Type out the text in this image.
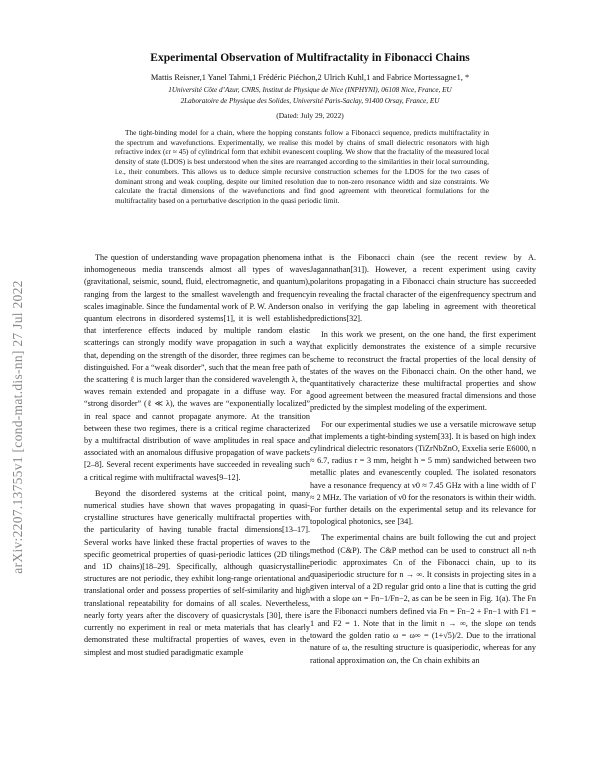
arXiv:2207.13755v1 [cond-mat.dis-nn] 27 Jul 2022
Experimental Observation of Multifractality in Fibonacci Chains
Mattis Reisner,1 Yanel Tahmi,1 Frédéric Piéchon,2 Ulrich Kuhl,1 and Fabrice Mortessagne1, *
1Université Côte d’Azur, CNRS, Institut de Physique de Nice (INPHYNI), 06108 Nice, France, EU
2Laboratoire de Physique des Solides, Université Paris-Saclay, 91400 Orsay, France, EU
(Dated: July 29, 2022)

The tight-binding model for a chain, where the hopping constants follow a Fibonacci sequence, predicts multifractality in the spectrum and wavefunctions. Experimentally, we realise this model by chains of small dielectric resonators with high refractive index (εr ≈ 45) of cylindrical form that exhibit evanescent coupling. We show that the fractality of the measured local density of state (LDOS) is best understood when the sites are rearranged according to the similarities in their local surrounding, i.e., their conumbers. This allows us to deduce simple recursive construction schemes for the LDOS for the two cases of dominant strong and weak coupling, despite our limited resolution due to non-zero resonance width and size constraints. We calculate the fractal dimensions of the wavefunctions and find good agreement with theoretical formulations for the multifractality based on a perturbative description in the quasi periodic limit.

The question of understanding wave propagation phenomena in inhomogeneous media transcends almost all types of waves (gravitational, seismic, sound, fluid, electromagnetic, and quantum), ranging from the largest to the smallest wavelength and frequency scales imaginable. Since the fundamental work of P. W. Anderson on quantum electrons in disordered systems[1], it is well established that interference effects induced by multiple random elastic scatterings can strongly modify wave propagation in such a way that, depending on the strength of the disorder, three regimes can be distinguished. For a “weak disorder”, such that the mean free path of the scattering ℓ is much larger than the considered wavelength λ, the waves remain extended and propagate in a diffuse way. For a “strong disorder” (ℓ ≪ λ), the waves are “exponentially localized” in real space and cannot propagate anymore. At the transition between these two regimes, there is a critical regime characterized by a multifractal distribution of wave amplitudes in real space and associated with an anomalous diffusive propagation of wave packets [2–8]. Several recent experiments have succeeded in revealing such a critical regime with multifractal waves[9–12].

Beyond the disordered systems at the critical point, many numerical studies have shown that waves propagating in quasi-crystalline structures have generically multifractal properties with the particularity of having tunable fractal dimensions[13–17]. Several works have linked these fractal properties of waves to the specific geometrical properties of quasi-periodic lattices (2D tilings and 1D chains)[18–29]. Specifically, although quasicrystalline structures are not periodic, they exhibit long-range orientational and translational order and possess properties of self-similarity and high translational repeatability for domains of all scales. Nevertheless, nearly forty years after the discovery of quasicrystals [30], there is currently no experiment in real or meta materials that has clearly demonstrated these multifractal properties of waves, even in the simplest and most studied paradigmatic example

that is the Fibonacci chain (see the recent review by A. Jagannathan[31]). However, a recent experiment using cavity polaritons propagating in a Fibonacci chain structure has succeeded in revealing the fractal character of the eigenfrequency spectrum and also in verifying the gap labeling in agreement with theoretical predictions[32].

In this work we present, on the one hand, the first experiment that explicitly demonstrates the existence of a simple recursive scheme to reconstruct the fractal properties of the local density of states of the waves on the Fibonacci chain. On the other hand, we quantitatively characterize these multifractal properties and show good agreement between the measured fractal dimensions and those predicted by the simplest modeling of the experiment.

For our experimental studies we use a versatile microwave setup that implements a tight-binding system[33]. It is based on high index cylindrical dielectric resonators (TiZrNbZnO, Exxelia serie E6000, n ≈ 6.7, radius r = 3 mm, height h = 5 mm) sandwiched between two metallic plates and evanescently coupled. The isolated resonators have a resonance frequency at ν0 ≈ 7.45 GHz with a line width of Γ ≈ 2 MHz. The variation of ν0 for the resonators is within their width. For further details on the experimental setup and its relevance for topological photonics, see [34].

The experimental chains are built following the cut and project method (C&P). The C&P method can be used to construct all n-th periodic approximates Cn of the Fibonacci chain, up to its quasiperiodic structure for n → ∞. It consists in projecting sites in a given interval of a 2D regular grid onto a line that is cutting the grid with a slope ωn = Fn−1/Fn−2, as can be be seen in Fig. 1(a). The Fn are the Fibonacci numbers defined via Fn = Fn−2 + Fn−1 with F1 = 1 and F2 = 1. Note that in the limit n → ∞, the slope ωn tends toward the golden ratio ω = ω∞ = (1+√5)/2. Due to the irrational nature of ω, the resulting structure is quasiperiodic, whereas for any rational approximation ωn, the Cn chain exhibits an
